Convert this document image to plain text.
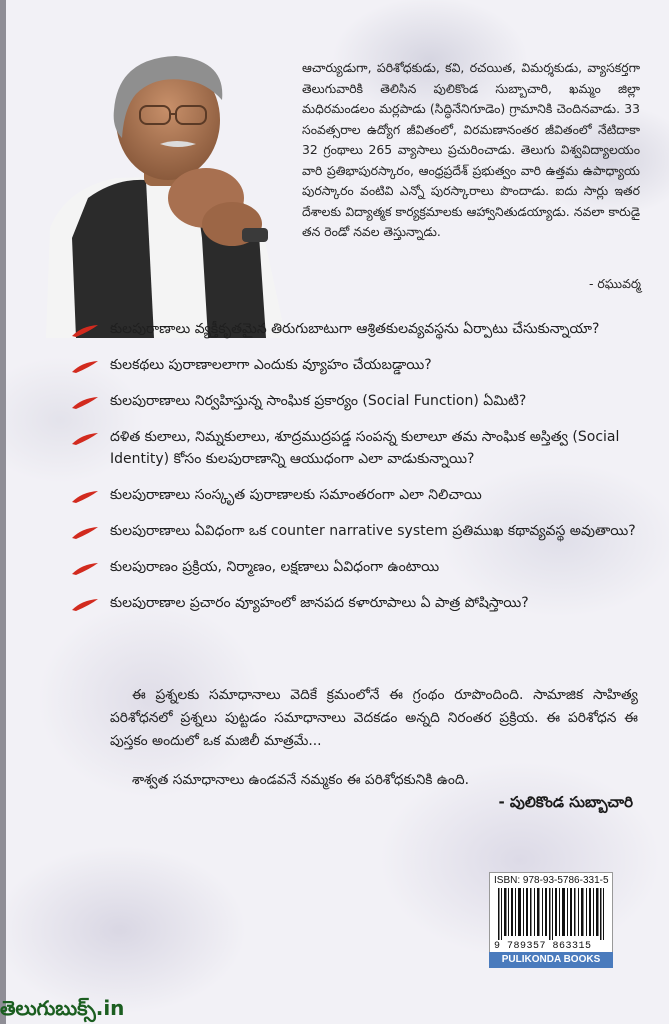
ఆచార్యుడుగా, పరిశోధకుడు, కవి, రచయిత, విమర్శకుడు, వ్యాసకర్తగా తెలుగువారికి తెలిసిన పులికొండ సుబ్బాచారి, ఖమ్మం జిల్లా మధిరమండలం మర్లపాడు (సిద్ధినేనిగూడెం) గ్రామానికి చెందినవాడు. 33 సంవత్సరాల ఉద్యోగ జీవితంలో, విరమణానంతర జీవితంలో నేటిదాకా 32 గ్రంథాలు 265 వ్యాసాలు ప్రచురించాడు. తెలుగు విశ్వవిద్యాలయం వారి ప్రతిభాపురస్కారం, ఆంధ్రప్రదేశ్ ప్రభుత్వం వారి ఉత్తమ ఉపాధ్యాయ పురస్కారం వంటివి ఎన్నో పురస్కారాలు పొందాడు. ఐదు సార్లు ఇతర దేశాలకు విద్యాత్మక కార్యక్రమాలకు ఆహ్వానితుడయ్యాడు. నవలా కారుడై తన రెండో నవల తెస్తున్నాడు.
- రఘువర్మ
కులపురాణాలు వ్యక్తీకృతమైన తిరుగుబాటుగా ఆశ్రితకులవ్యవస్థను ఏర్పాటు చేసుకున్నాయా?
కులకథలు పురాణాలలాగా ఎందుకు వ్యూహం చేయబడ్డాయి?
కులపురాణాలు నిర్వహిస్తున్న సాంఘిక ప్రకార్యం (Social Function) ఏమిటి?
దళిత కులాలు, నిమ్నకులాలు, శూద్రముద్రపడ్డ సంపన్న కులాలూ తమ సాంఘిక అస్తిత్వ (Social Identity) కోసం కులపురాణాన్ని ఆయుధంగా ఎలా వాడుకున్నాయి?
కులపురాణాలు సంస్కృత పురాణాలకు సమాంతరంగా ఎలా నిలిచాయి
కులపురాణాలు ఏవిధంగా ఒక counter narrative system ప్రతిముఖ కథావ్యవస్థ అవుతాయి?
కులపురాణం ప్రక్రియ, నిర్మాణం, లక్షణాలు ఏవిధంగా ఉంటాయి
కులపురాణాల ప్రచారం వ్యూహంలో జానపద కళారూపాలు ఏ పాత్ర పోషిస్తాయి?

ఈ ప్రశ్నలకు సమాధానాలు వెదికే క్రమంలోనే ఈ గ్రంథం రూపొందింది. సామాజిక సాహిత్య పరిశోధనలో ప్రశ్నలు పుట్టడం సమాధానాలు వెదకడం అన్నది నిరంతర ప్రక్రియ. ఈ పరిశోధన ఈ పుస్తకం అందులో ఒక మజిలీ మాత్రమే...

శాశ్వత సమాధానాలు ఉండవనే నమ్మకం ఈ పరిశోధకునికి ఉంది.

- పులికొండ సుబ్బాచారి
ISBN: 978-93-5786-331-5
9 789357 863315
PULIKONDA BOOKS
తెలుగుబుక్స్.in
